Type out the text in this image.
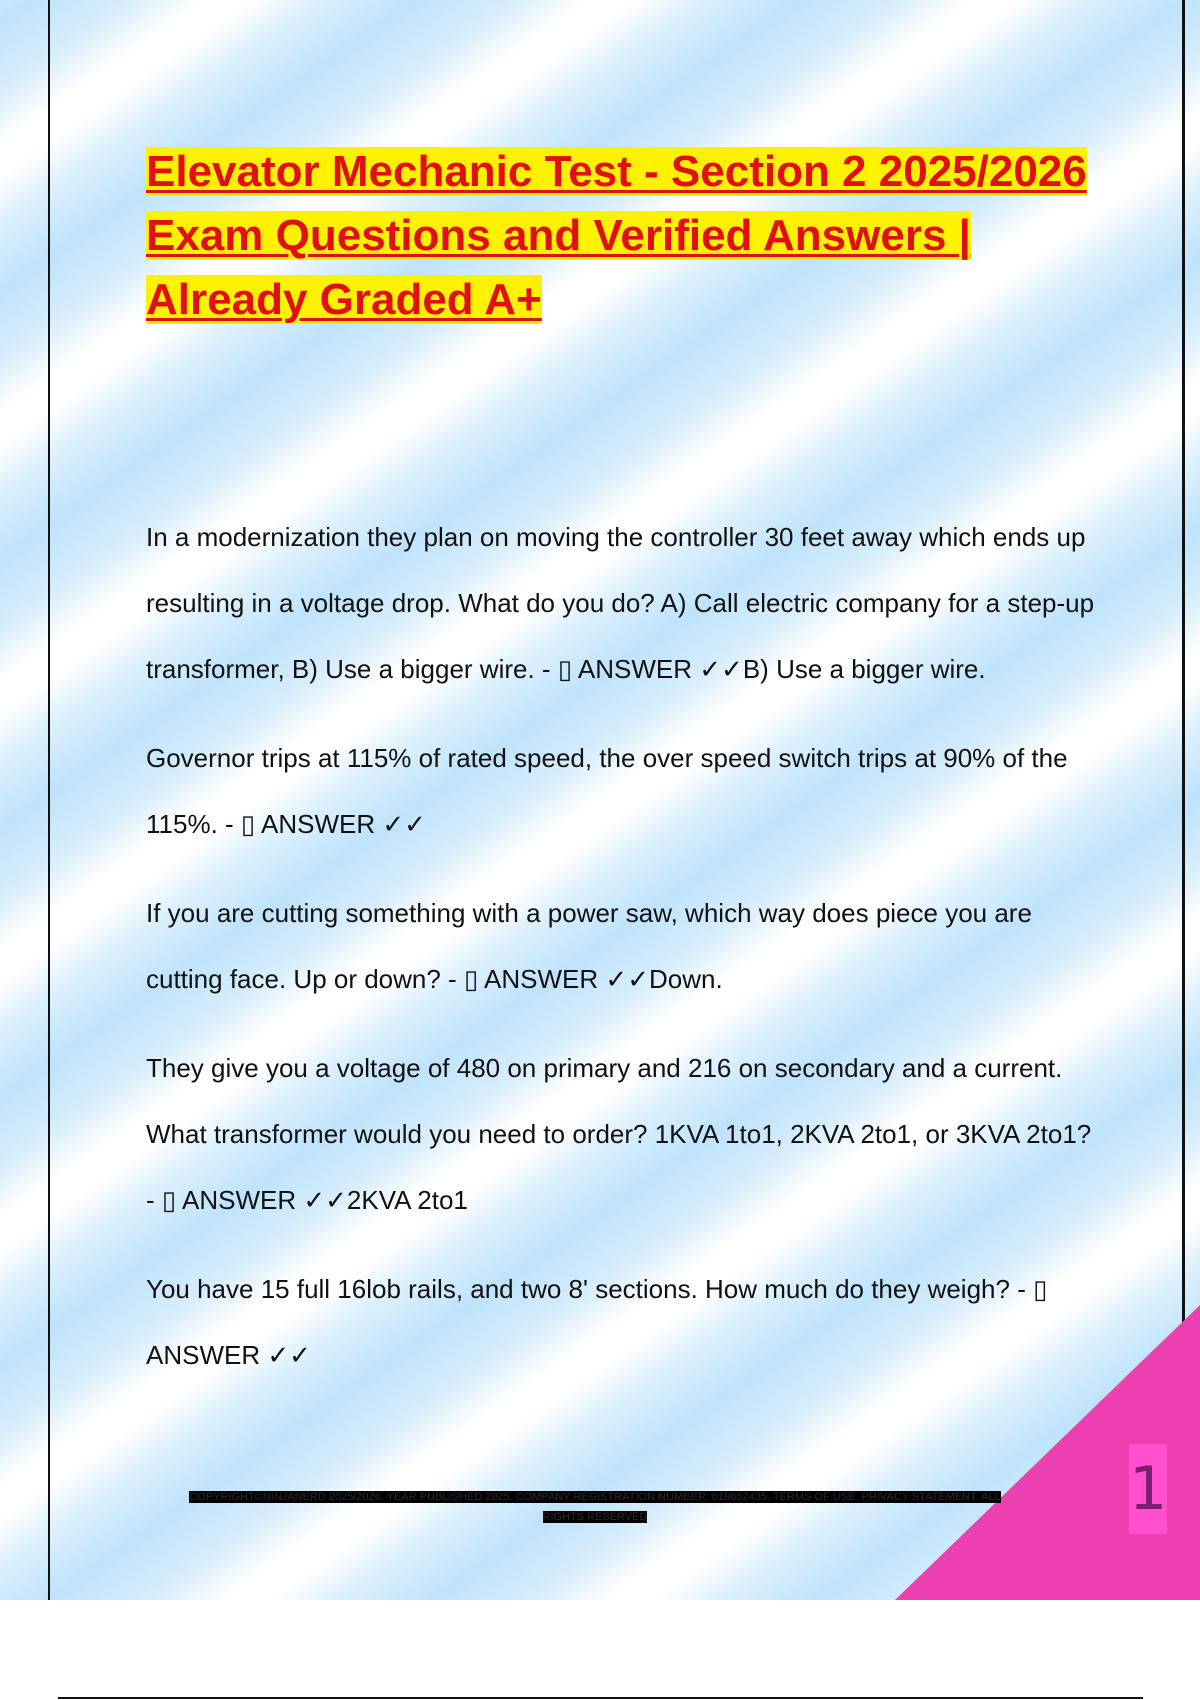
Elevator Mechanic Test - Section 2 2025/2026 Exam Questions and Verified Answers | Already Graded A+

In a modernization they plan on moving the controller 30 feet away which ends up resulting in a voltage drop. What do you do? A) Call electric company for a step-up transformer, B) Use a bigger wire. - ▯ ANSWER ✓✓B) Use a bigger wire.

Governor trips at 115% of rated speed, the over speed switch trips at 90% of the 115%. - ▯ ANSWER ✓✓

If you are cutting something with a power saw, which way does piece you are cutting face. Up or down? - ▯ ANSWER ✓✓Down.

They give you a voltage of 480 on primary and 216 on secondary and a current. What transformer would you need to order? 1KVA 1to1, 2KVA 2to1, or 3KVA 2to1? - ▯ ANSWER ✓✓2KVA 2to1

You have 15 full 16lob rails, and two 8' sections. How much do they weigh? - ▯ ANSWER ✓✓

COPYRIGHT©NINJANERD 2025/2026. YEAR PUBLISHED 2025. COMPANY REGISTRATION NUMBER: 619652435. TERMS OF USE. PRIVACY STATEMENT. ALL RIGHTS RESERVED	1
